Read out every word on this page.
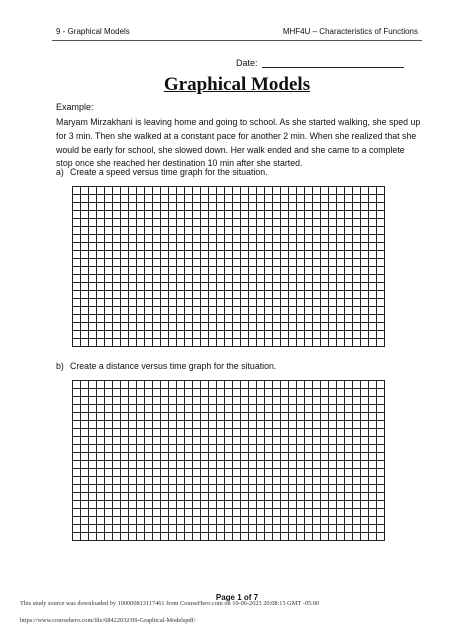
9 - Graphical Models	MHF4U – Characteristics of Functions
Date:
Graphical Models
Example:
Maryam Mirzakhani is leaving home and going to school. As she started walking, she sped up for 3 min. Then she walked at a constant pace for another 2 min. When she realized that she would be early for school, she slowed down. Her walk ended and she came to a complete stop once she reached her destination 10 min after she started.
a) Create a speed versus time graph for the situation.
b) Create a distance versus time graph for the situation.
Page 1 of 7
This study source was downloaded by 100000813117461 from CourseHero.com on 10-06-2023 20:08:15 GMT -05:00
https://www.coursehero.com/file/68422032/09-Graphical-Modelspdf/
